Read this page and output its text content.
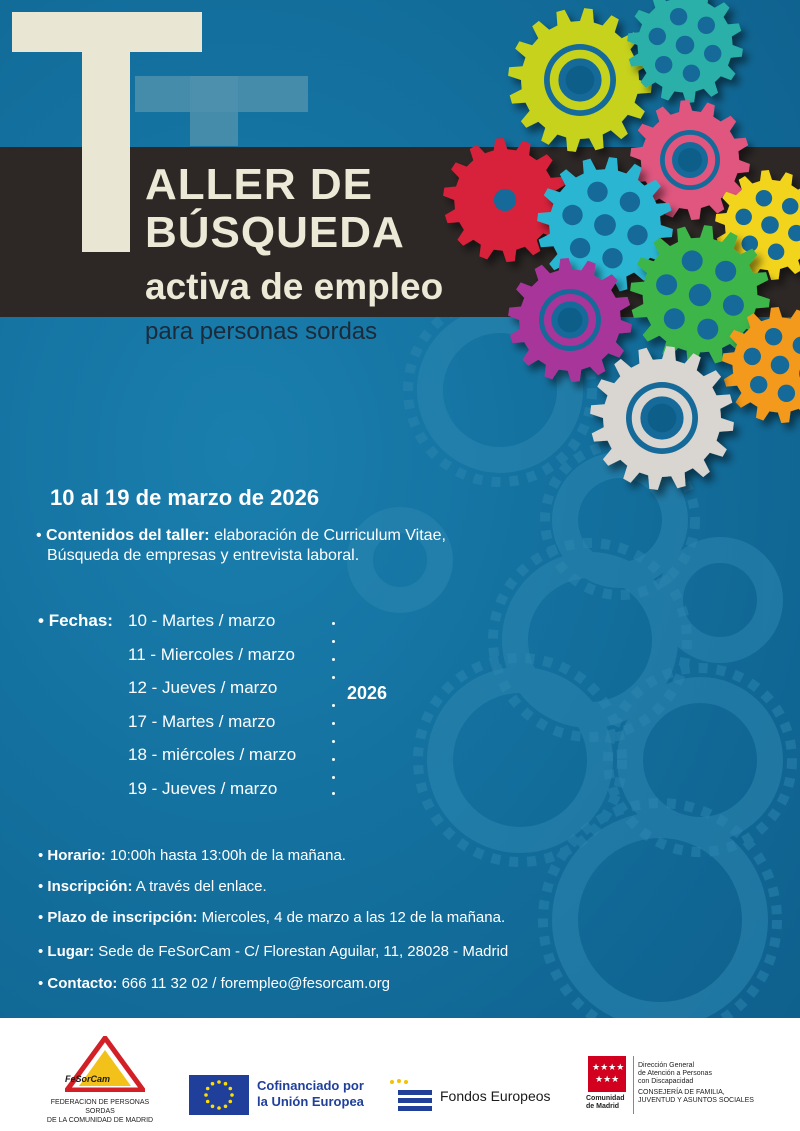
ALLER DE
BÚSQUEDA
activa de empleo
para personas sordas
10 al 19 de marzo de 2026
• Contenidos del taller: elaboración de Curriculum Vitae,
Búsqueda de empresas y entrevista laboral.
• Fechas: 10 - Martes / marzo
11 - Miercoles / marzo
12 - Jueves / marzo
17 - Martes / marzo
18 - miércoles / marzo
19 - Jueves / marzo
2026
• Horario: 10:00h hasta 13:00h de la mañana.
• Inscripción: A través del enlace.
• Plazo de inscripción: Miercoles, 4 de marzo a las 12 de la mañana.
• Lugar: Sede de FeSorCam - C/ Florestan Aguilar, 11, 28028 - Madrid
• Contacto: 666 11 32 02 / forempleo@fesorcam.org
FeSorCam
FEDERACION DE PERSONAS SORDAS
DE LA COMUNIDAD DE MADRID
Cofinanciado por
la Unión Europea	Fondos Europeos
★★★★
★★★
Comunidad
de Madrid
Dirección General
de Atención a Personas
con Discapacidad
CONSEJERÍA DE FAMILIA,
JUVENTUD Y ASUNTOS SOCIALES
